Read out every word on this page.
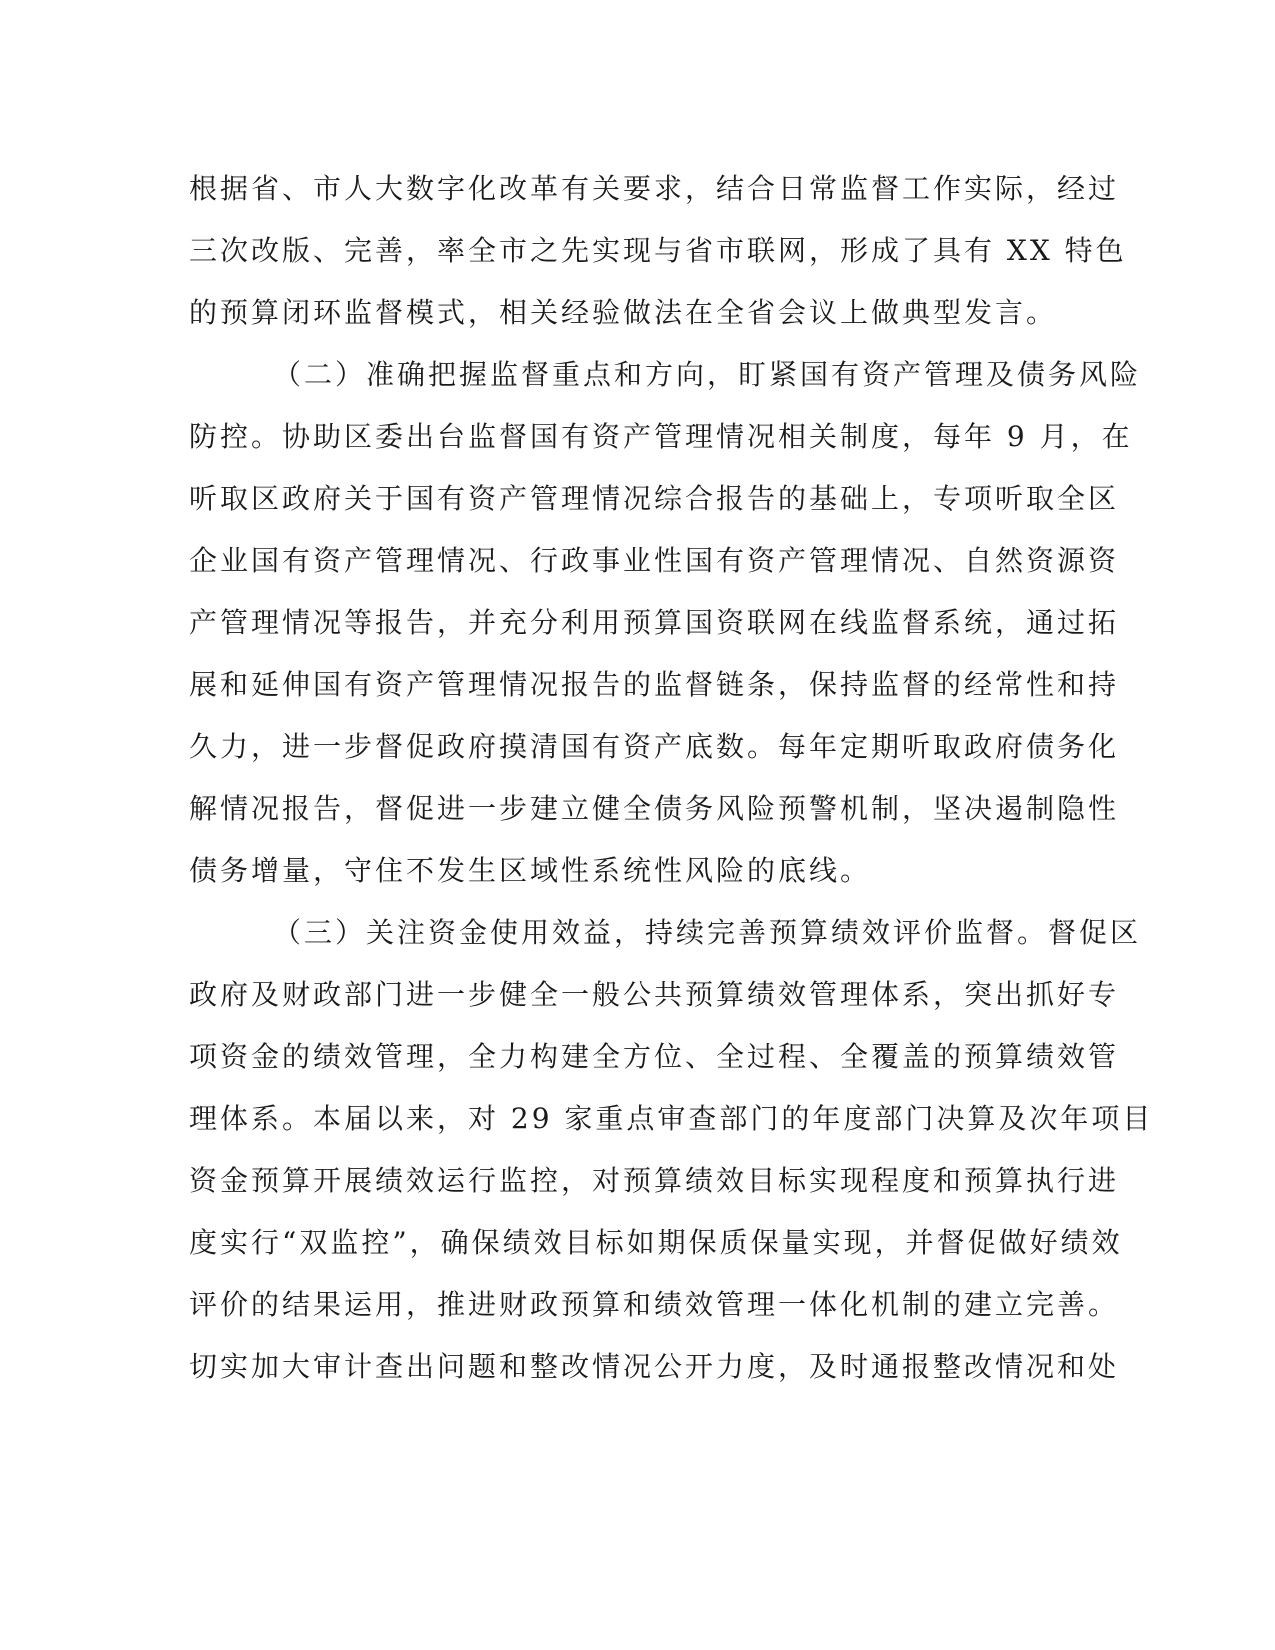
根据省、市人大数字化改革有关要求，结合日常监督工作实际，经过
三次改版、完善，率全市之先实现与省市联网，形成了具有 XX 特色
的预算闭环监督模式，相关经验做法在全省会议上做典型发言。
（二）准确把握监督重点和方向，盯紧国有资产管理及债务风险
防控。协助区委出台监督国有资产管理情况相关制度，每年 9 月，在
听取区政府关于国有资产管理情况综合报告的基础上，专项听取全区
企业国有资产管理情况、行政事业性国有资产管理情况、自然资源资
产管理情况等报告，并充分利用预算国资联网在线监督系统，通过拓
展和延伸国有资产管理情况报告的监督链条，保持监督的经常性和持
久力，进一步督促政府摸清国有资产底数。每年定期听取政府债务化
解情况报告，督促进一步建立健全债务风险预警机制，坚决遏制隐性
债务增量，守住不发生区域性系统性风险的底线。
（三）关注资金使用效益，持续完善预算绩效评价监督。督促区
政府及财政部门进一步健全一般公共预算绩效管理体系，突出抓好专
项资金的绩效管理，全力构建全方位、全过程、全覆盖的预算绩效管
理体系。本届以来，对 29 家重点审查部门的年度部门决算及次年项目
资金预算开展绩效运行监控，对预算绩效目标实现程度和预算执行进
度实行“双监控”，确保绩效目标如期保质保量实现，并督促做好绩效
评价的结果运用，推进财政预算和绩效管理一体化机制的建立完善。
切实加大审计查出问题和整改情况公开力度，及时通报整改情况和处
